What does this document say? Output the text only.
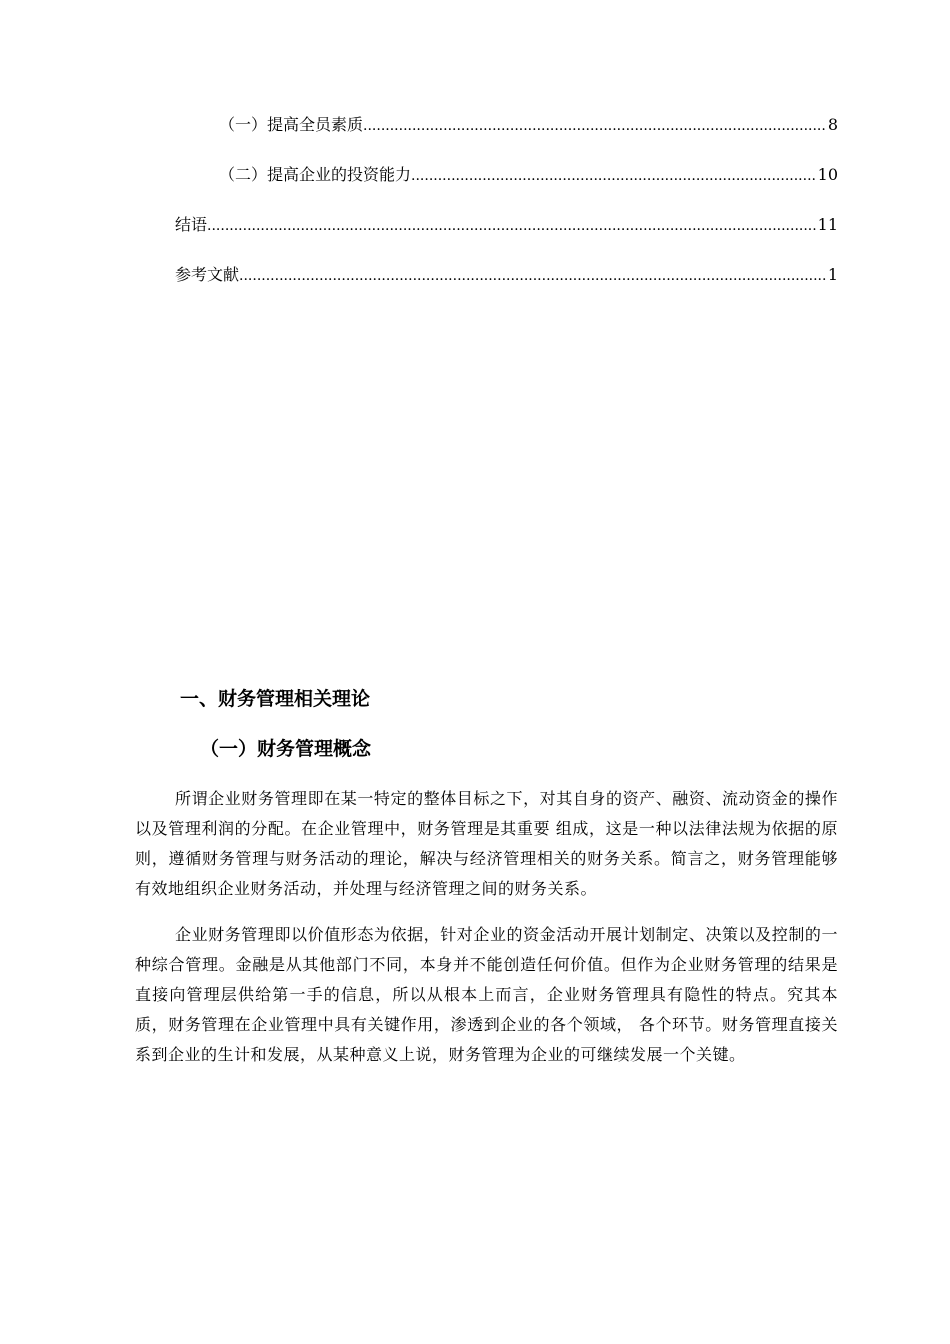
（一）提高全员素质 .....	8
（二）提高企业的投资能力 .....	10
结语 .....	11
参考文献 .....	1
一、财务管理相关理论
（一）财务管理概念

所谓企业财务管理即在某一特定的整体目标之下，对其自身的资产、融资、流动资金的操作以及管理利润的分配。在企业管理中，财务管理是其重要 组成，这是一种以法律法规为依据的原则，遵循财务管理与财务活动的理论，解决与经济管理相关的财务关系。简言之，财务管理能够有效地组织企业财务活动，并处理与经济管理之间的财务关系。

企业财务管理即以价值形态为依据，针对企业的资金活动开展计划制定、决策以及控制的一种综合管理。金融是从其他部门不同，本身并不能创造任何价值。但作为企业财务管理的结果是直接向管理层供给第一手的信息，所以从根本上而言，企业财务管理具有隐性的特点。究其本质，财务管理在企业管理中具有关键作用，渗透到企业的各个领域， 各个环节。财务管理直接关系到企业的生计和发展，从某种意义上说，财务管理为企业的可继续发展一个关键。
